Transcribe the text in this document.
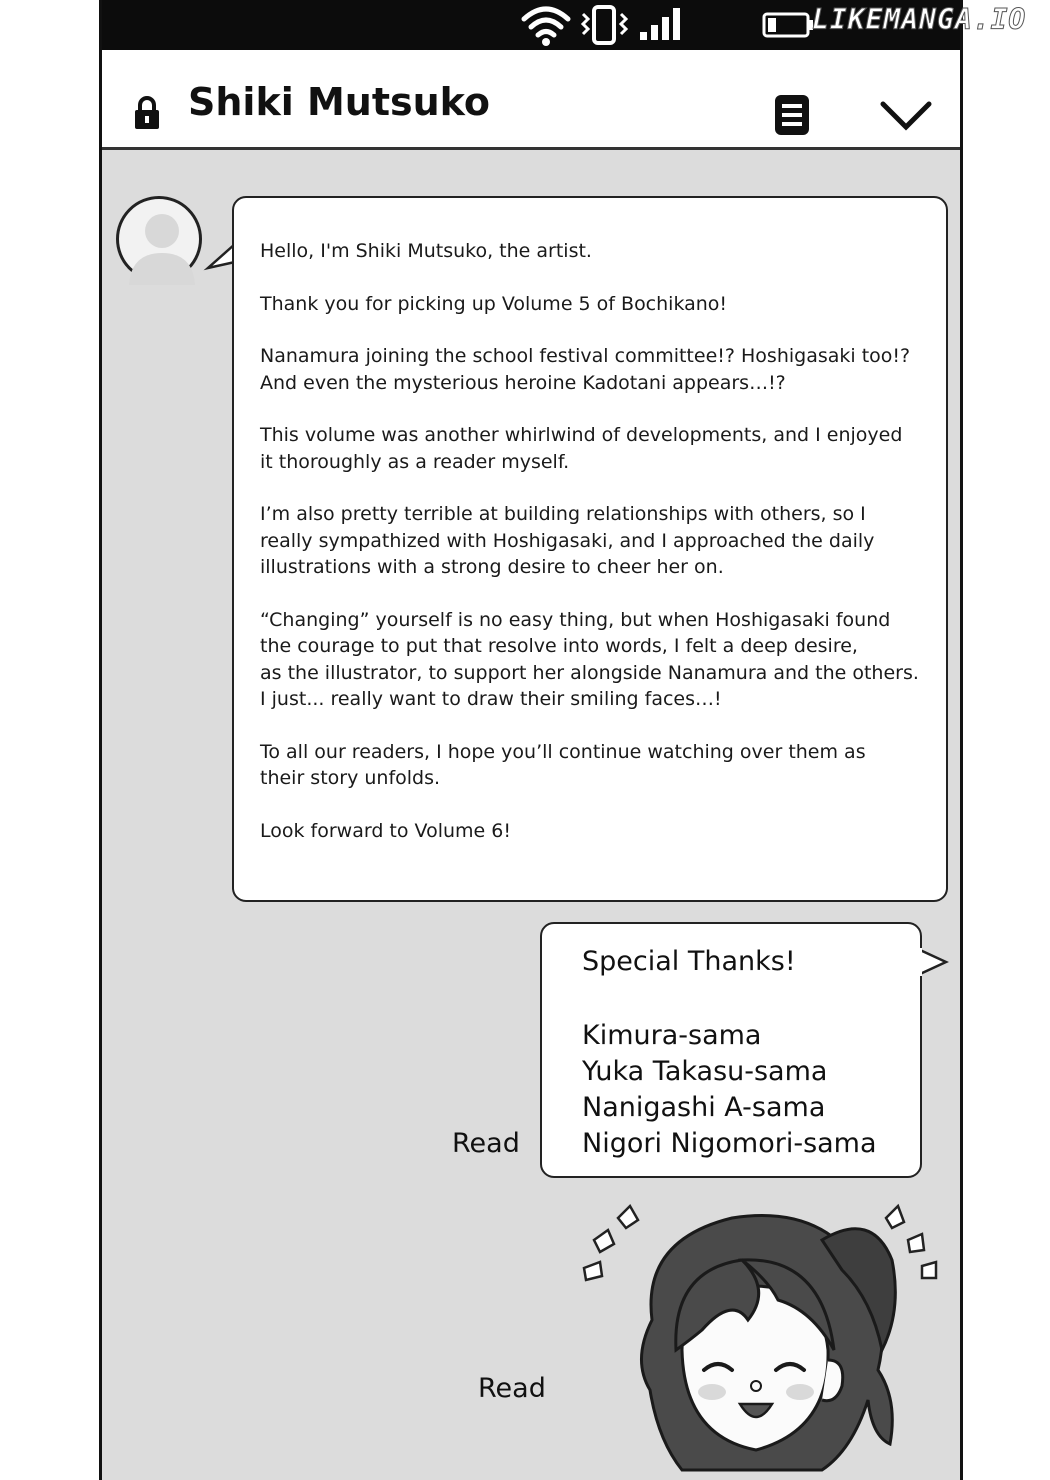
LIKEMANGA.IO
Shiki Mutsuko

Hello, I'm Shiki Mutsuko, the artist.

Thank you for picking up Volume 5 of Bochikano!

Nanamura joining the school festival committee!? Hoshigasaki too!?
And even the mysterious heroine Kadotani appears…!?

This volume was another whirlwind of developments, and I enjoyed
it thoroughly as a reader myself.

I’m also pretty terrible at building relationships with others, so I
really sympathized with Hoshigasaki, and I approached the daily
illustrations with a strong desire to cheer her on.

“Changing” yourself is no easy thing, but when Hoshigasaki found
the courage to put that resolve into words, I felt a deep desire,
as the illustrator, to support her alongside Nanamura and the others.
I just... really want to draw their smiling faces…!

To all our readers, I hope you’ll continue watching over them as
their story unfolds.

Look forward to Volume 6!

Read
Special Thanks!
Kimura-sama
Yuka Takasu-sama
Nanigashi A-sama
Nigori Nigomori-sama
Read
